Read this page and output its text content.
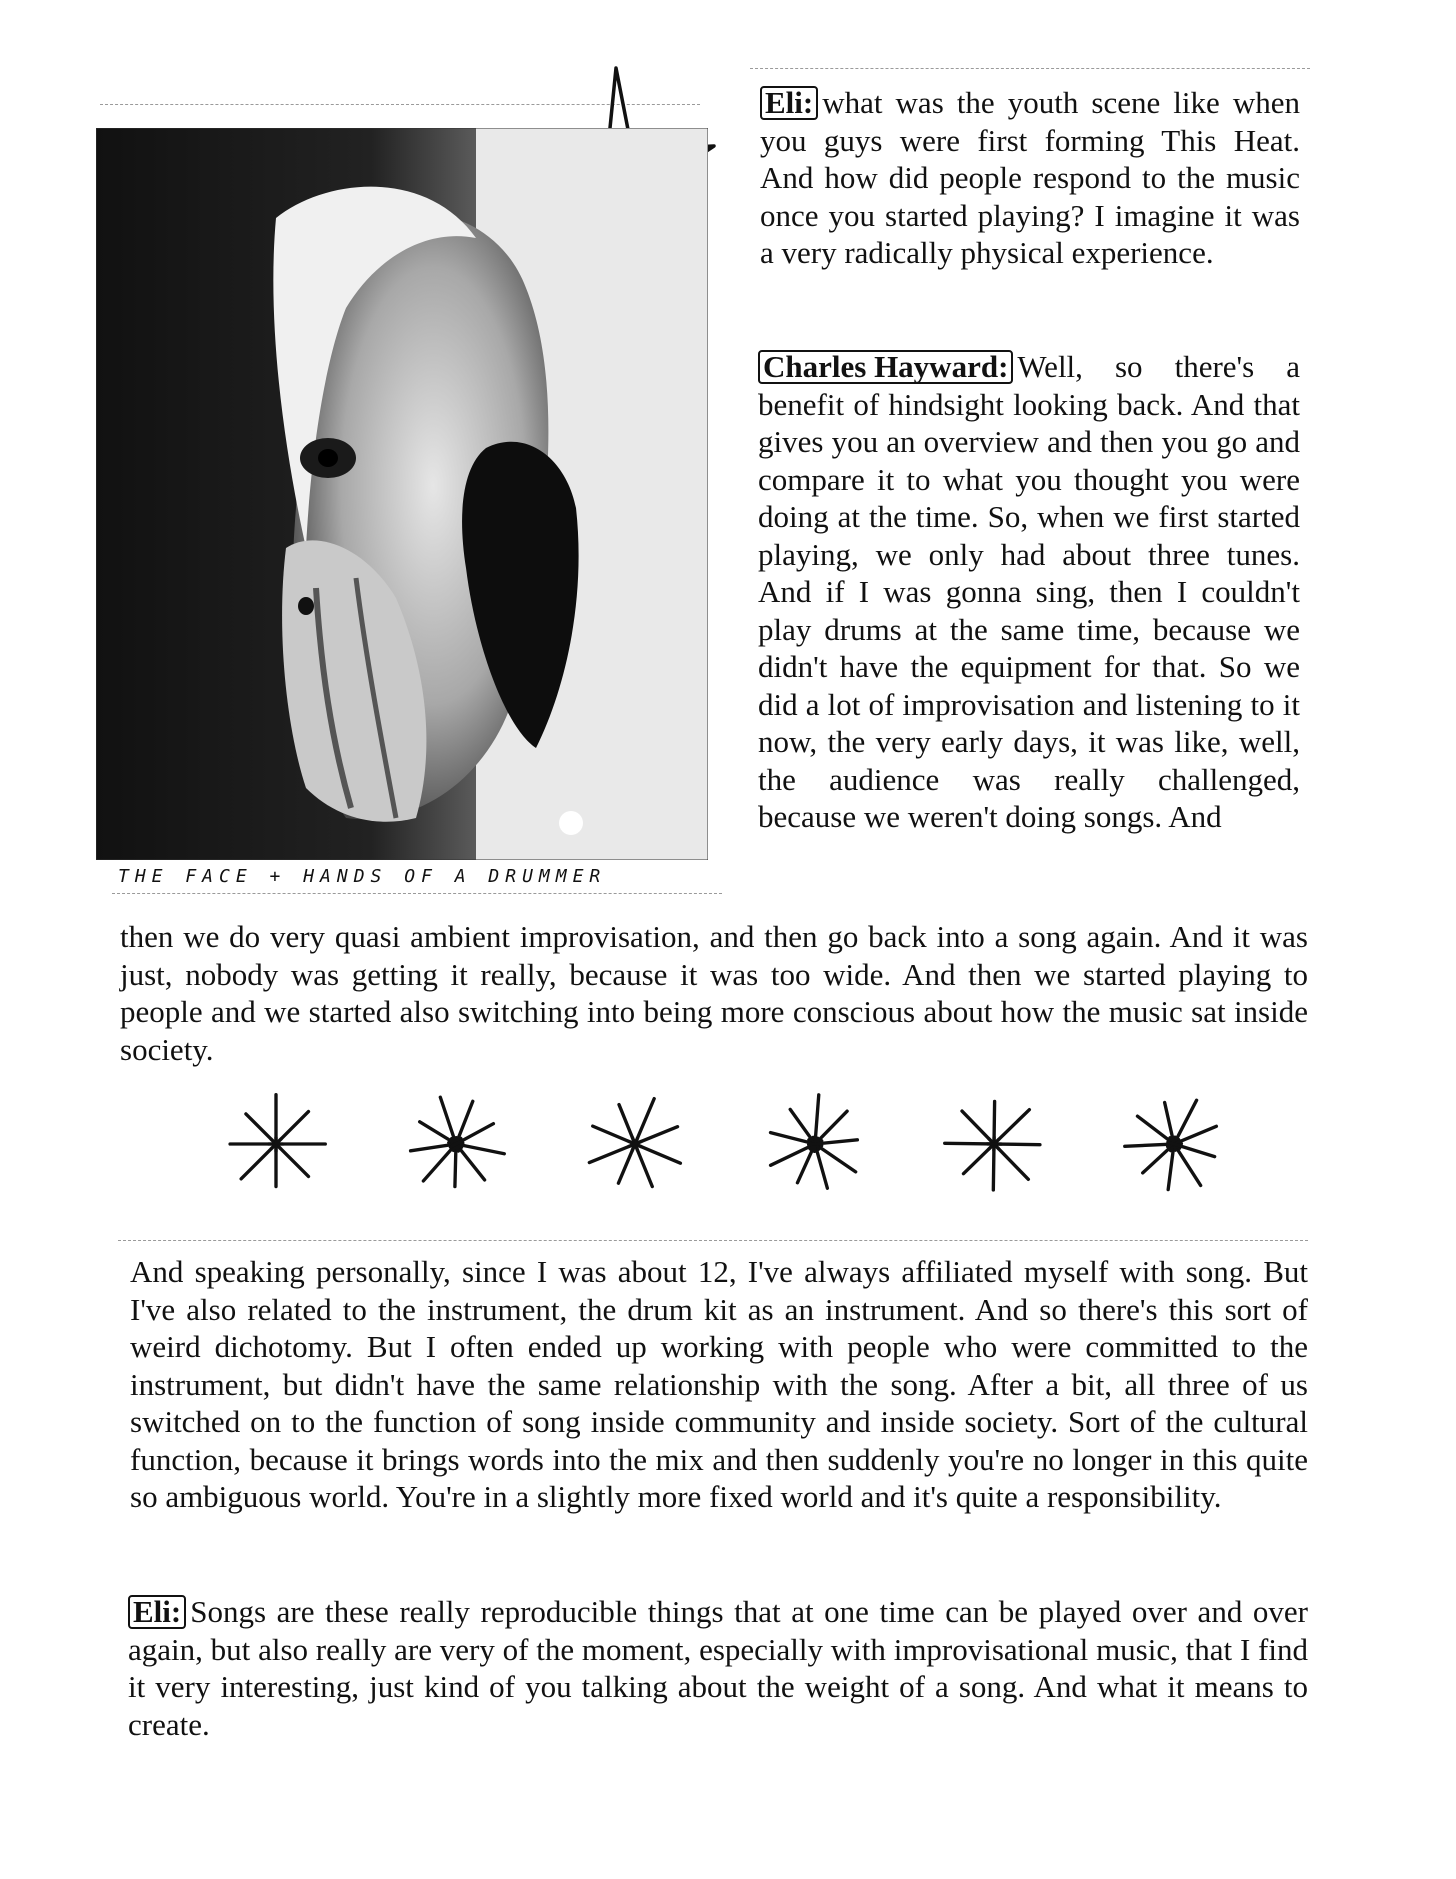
THE FACE + HANDS OF A DRUMMER

Eli: what was the youth scene like when you guys were first forming This Heat. And how did people respond to the music once you started playing? I imagine it was a very radically physical experience.

Charles Hayward: Well, so there's a benefit of hindsight looking back. And that gives you an overview and then you go and compare it to what you thought you were doing at the time. So, when we first started playing, we only had about three tunes. And if I was gonna sing, then I couldn't play drums at the same time, because we didn't have the equipment for that. So we did a lot of improvisation and listening to it now, the very early days, it was like, well, the audience was really challenged, because we weren't doing songs. And

then we do very quasi ambient improvisation, and then go back into a song again. And it was just, nobody was getting it really, because it was too wide. And then we started playing to people and we started also switching into being more conscious about how the music sat inside society.

And speaking personally, since I was about 12, I've always affiliated myself with song. But I've also related to the instrument, the drum kit as an instrument. And so there's this sort of weird dichotomy. But I often ended up working with people who were committed to the instrument, but didn't have the same relationship with the song. After a bit, all three of us switched on to the function of song inside community and inside society. Sort of the cultural function, because it brings words into the mix and then suddenly you're no longer in this quite so ambiguous world. You're in a slightly more fixed world and it's quite a responsibility.

Eli: Songs are these really reproducible things that at one time can be played over and over again, but also really are very of the moment, especially with improvisational music, that I find it very interesting, just kind of you talking about the weight of a song. And what it means to create.
